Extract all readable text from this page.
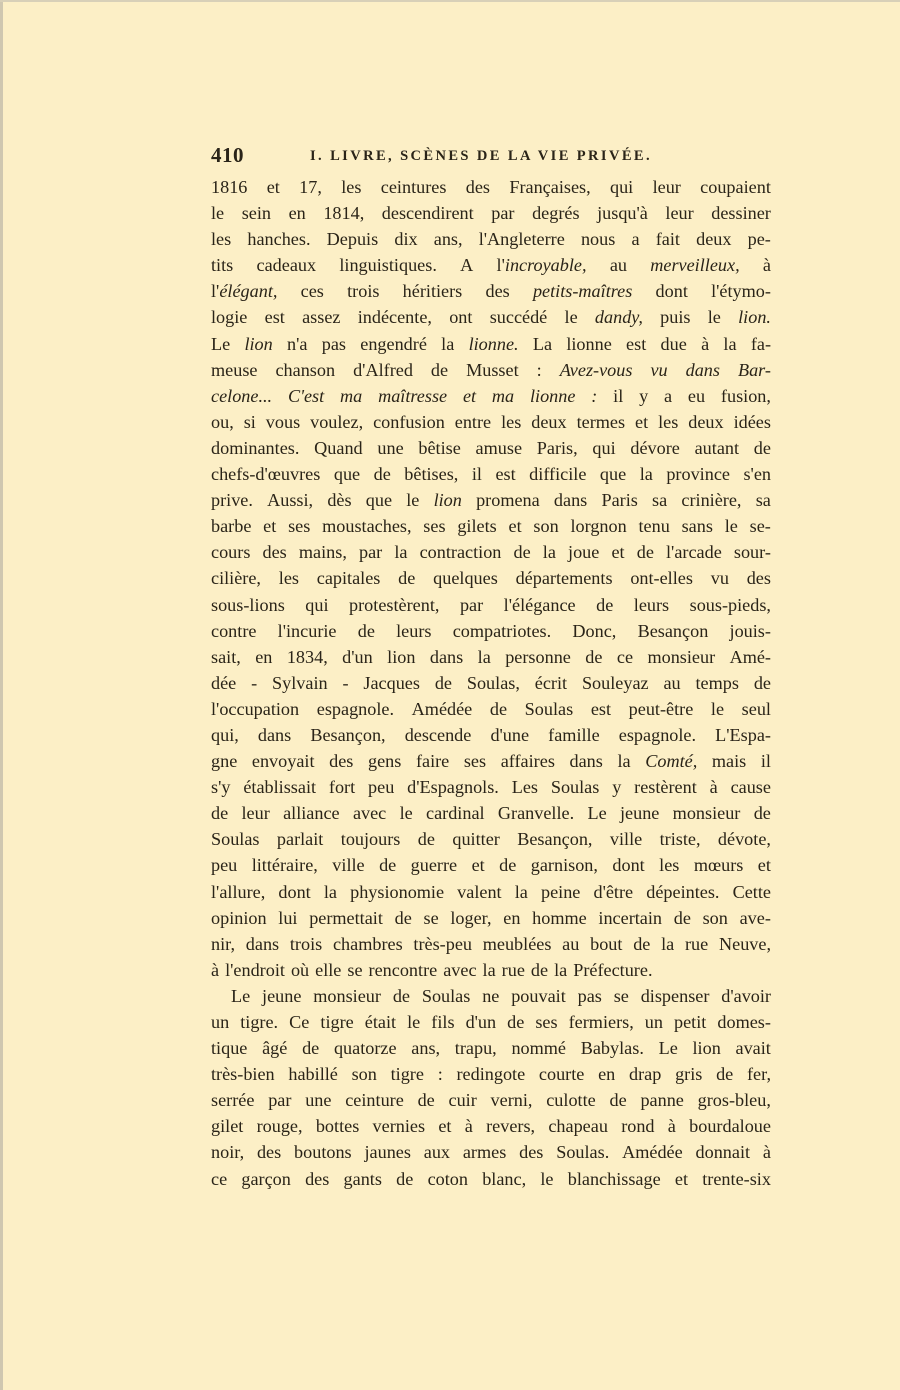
410	I. LIVRE, SCÈNES DE LA VIE PRIVÉE.
1816 et 17, les ceintures des Françaises, qui leur coupaient
le sein en 1814, descendirent par degrés jusqu'à leur dessiner
les hanches. Depuis dix ans, l'Angleterre nous a fait deux pe-
tits cadeaux linguistiques. A l'incroyable, au merveilleux, à
l'élégant, ces trois héritiers des petits-maîtres dont l'étymo-
logie est assez indécente, ont succédé le dandy, puis le lion.
Le lion n'a pas engendré la lionne. La lionne est due à la fa-
meuse chanson d'Alfred de Musset : Avez-vous vu dans Bar-
celone... C'est ma maîtresse et ma lionne : il y a eu fusion,
ou, si vous voulez, confusion entre les deux termes et les deux idées
dominantes. Quand une bêtise amuse Paris, qui dévore autant de
chefs-d'œuvres que de bêtises, il est difficile que la province s'en
prive. Aussi, dès que le lion promena dans Paris sa crinière, sa
barbe et ses moustaches, ses gilets et son lorgnon tenu sans le se-
cours des mains, par la contraction de la joue et de l'arcade sour-
cilière, les capitales de quelques départements ont-elles vu des
sous-lions qui protestèrent, par l'élégance de leurs sous-pieds,
contre l'incurie de leurs compatriotes. Donc, Besançon jouis-
sait, en 1834, d'un lion dans la personne de ce monsieur Amé-
dée - Sylvain - Jacques de Soulas, écrit Souleyaz au temps de
l'occupation espagnole. Amédée de Soulas est peut-être le seul
qui, dans Besançon, descende d'une famille espagnole. L'Espa-
gne envoyait des gens faire ses affaires dans la Comté, mais il
s'y établissait fort peu d'Espagnols. Les Soulas y restèrent à cause
de leur alliance avec le cardinal Granvelle. Le jeune monsieur de
Soulas parlait toujours de quitter Besançon, ville triste, dévote,
peu littéraire, ville de guerre et de garnison, dont les mœurs et
l'allure, dont la physionomie valent la peine d'être dépeintes. Cette
opinion lui permettait de se loger, en homme incertain de son ave-
nir, dans trois chambres très-peu meublées au bout de la rue Neuve,
à l'endroit où elle se rencontre avec la rue de la Préfecture.
Le jeune monsieur de Soulas ne pouvait pas se dispenser d'avoir
un tigre. Ce tigre était le fils d'un de ses fermiers, un petit domes-
tique âgé de quatorze ans, trapu, nommé Babylas. Le lion avait
très-bien habillé son tigre : redingote courte en drap gris de fer,
serrée par une ceinture de cuir verni, culotte de panne gros-bleu,
gilet rouge, bottes vernies et à revers, chapeau rond à bourdaloue
noir, des boutons jaunes aux armes des Soulas. Amédée donnait à
ce garçon des gants de coton blanc, le blanchissage et trente-six
